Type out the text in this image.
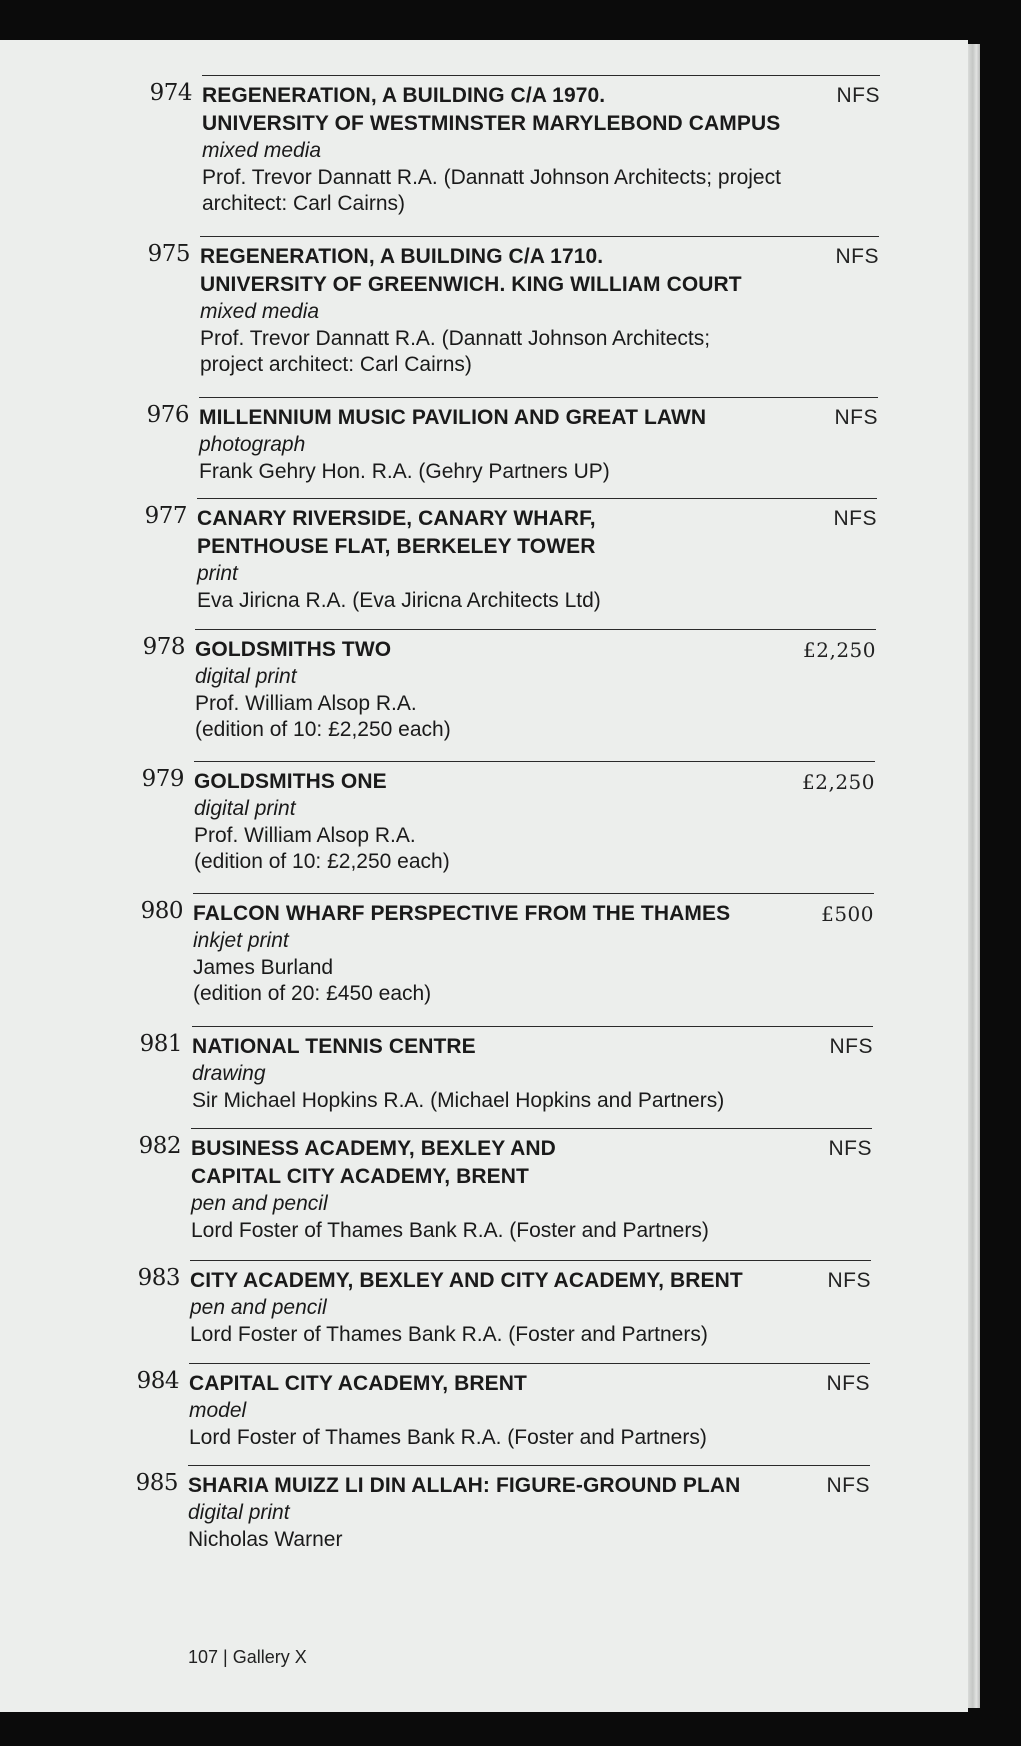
974	NFS
REGENERATION, A BUILDING C/A 1970.
UNIVERSITY OF WESTMINSTER MARYLEBOND CAMPUS
mixed media
Prof. Trevor Dannatt R.A. (Dannatt Johnson Architects; project
architect: Carl Cairns)
975	NFS
REGENERATION, A BUILDING C/A 1710.
UNIVERSITY OF GREENWICH. KING WILLIAM COURT
mixed media
Prof. Trevor Dannatt R.A. (Dannatt Johnson Architects;
project architect: Carl Cairns)
976	NFS
MILLENNIUM MUSIC PAVILION AND GREAT LAWN
photograph
Frank Gehry Hon. R.A. (Gehry Partners UP)
977	NFS
CANARY RIVERSIDE, CANARY WHARF,
PENTHOUSE FLAT, BERKELEY TOWER
print
Eva Jiricna R.A. (Eva Jiricna Architects Ltd)
978	£2,250
GOLDSMITHS TWO
digital print
Prof. William Alsop R.A.
(edition of 10: £2,250 each)
979	£2,250
GOLDSMITHS ONE
digital print
Prof. William Alsop R.A.
(edition of 10: £2,250 each)
980	£500
FALCON WHARF PERSPECTIVE FROM THE THAMES
inkjet print
James Burland
(edition of 20: £450 each)
981	NFS
NATIONAL TENNIS CENTRE
drawing
Sir Michael Hopkins R.A. (Michael Hopkins and Partners)
982	NFS
BUSINESS ACADEMY, BEXLEY AND
CAPITAL CITY ACADEMY, BRENT
pen and pencil
Lord Foster of Thames Bank R.A. (Foster and Partners)
983	NFS
CITY ACADEMY, BEXLEY AND CITY ACADEMY, BRENT
pen and pencil
Lord Foster of Thames Bank R.A. (Foster and Partners)
984	NFS
CAPITAL CITY ACADEMY, BRENT
model
Lord Foster of Thames Bank R.A. (Foster and Partners)
985	NFS
SHARIA MUIZZ LI DIN ALLAH: FIGURE-GROUND PLAN
digital print
Nicholas Warner
107 | Gallery X
